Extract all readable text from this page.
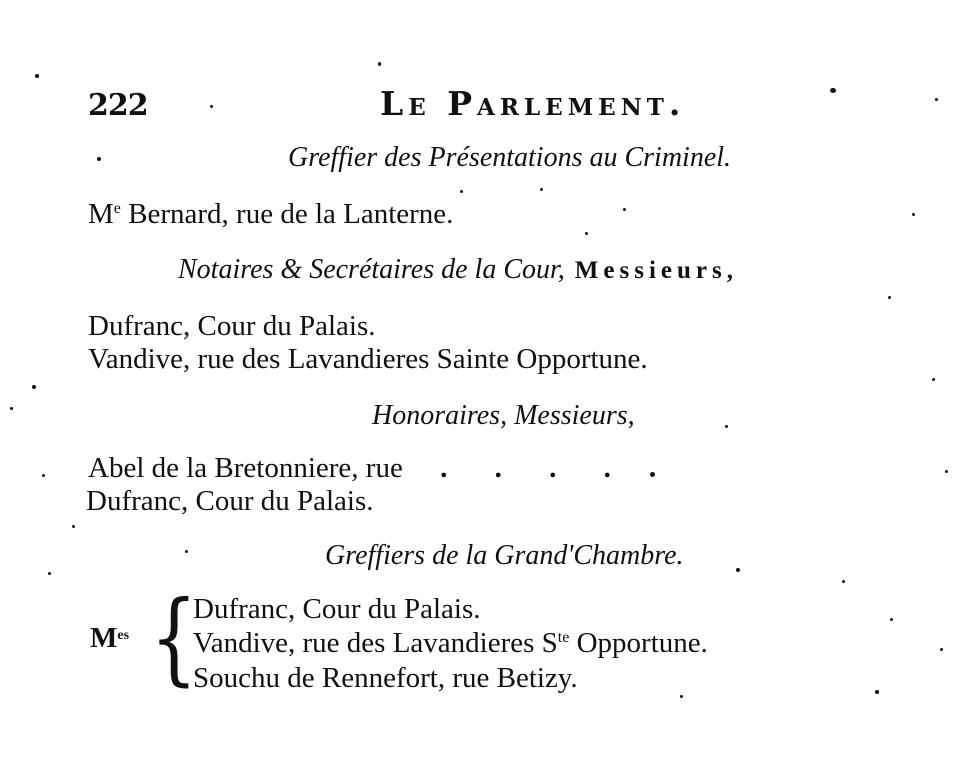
222	Le Parlement.
Greffier des Présentations au Criminel.
Me Bernard, rue de la Lanterne.
Notaires & Secrétaires de la Cour, Messieurs,
Dufranc, Cour du Palais.
Vandive, rue des Lavandieres Sainte Opportune.
Honoraires, Messieurs,
Abel de la Bretonniere, rue . . . .
Dufranc, Cour du Palais.
Greffiers de la Grand'Chambre.
$M^{es}$ {
Dufranc, Cour du Palais.
Vandive, rue des Lavandieres $S^{te}$ Opportune.
Souchu de Rennefort, rue Betizy.
